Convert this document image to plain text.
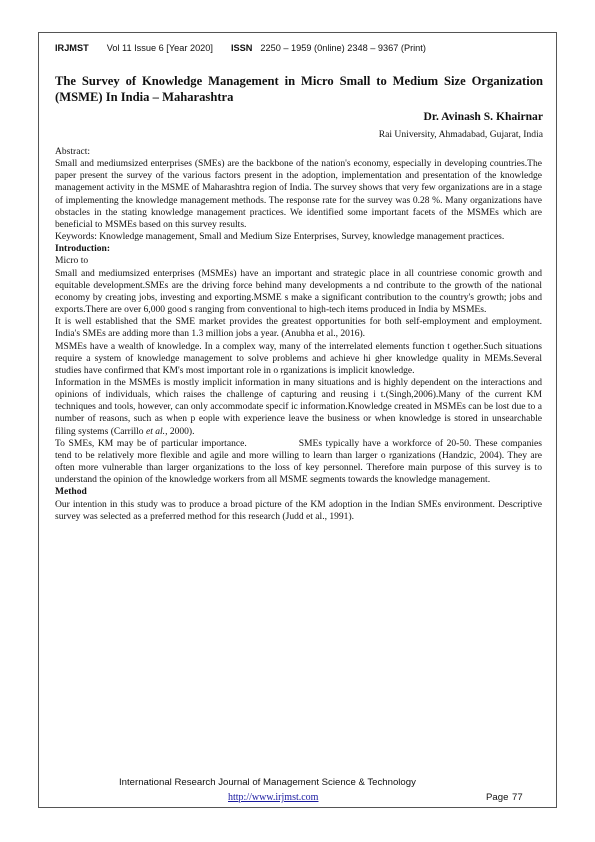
IRJMST Vol 11 Issue 6 [Year 2020] ISSN 2250 – 1959 (0nline) 2348 – 9367 (Print)
The Survey of Knowledge Management in Micro Small to Medium Size Organization (MSME) In India – Maharashtra
Dr. Avinash S. Khairnar
Rai University, Ahmadabad, Gujarat, India

Abstract:

Small and mediumsized enterprises (SMEs) are the backbone of the nation's economy, especially in developing countries.The paper present the survey of the various factors present in the adoption, implementation and presentation of the knowledge management activity in the MSME of Maharashtra region of India. The survey shows that very few organizations are in a stage of implementing the knowledge management methods. The response rate for the survey was 0.28 %. Many organizations have obstacles in the stating knowledge management practices. We identified some important facets of the MSMEs which are beneficial to MSMEs based on this survey results.

Keywords: Knowledge management, Small and Medium Size Enterprises, Survey, knowledge management practices.

Introduction:

Micro to

Small and mediumsized enterprises (MSMEs) have an important and strategic place in all countriese conomic growth and equitable development.SMEs are the driving force behind many developments a nd contribute to the growth of the national economy by creating jobs, investing and exporting.MSME s make a significant contribution to the country's growth; jobs and exports.There are over 6,000 good s ranging from conventional to high-tech items produced in India by MSMEs.

It is well established that the SME market provides the greatest opportunities for both self-employment and employment. India's SMEs are adding more than 1.3 million jobs a year. (Anubha et al., 2016).

MSMEs have a wealth of knowledge. In a complex way, many of the interrelated elements function t ogether.Such situations require a system of knowledge management to solve problems and achieve hi gher knowledge quality in MEMs.Several studies have confirmed that KM's most important role in o rganizations is implicit knowledge.

Information in the MSMEs is mostly implicit information in many situations and is highly dependent on the interactions and opinions of individuals, which raises the challenge of capturing and reusing i t.(Singh,2006).Many of the current KM techniques and tools, however, can only accommodate specif ic information.Knowledge created in MSMEs can be lost due to a number of reasons, such as when p eople with experience leave the business or when knowledge is stored in unsearchable filing systems (Carrillo et al., 2000).

To SMEs, KM may be of particular importance.	SMEs typically have a workforce of 20-50. These companies tend to be relatively more flexible and agile and more willing to learn than larger o rganizations (Handzic, 2004). They are often more vulnerable than larger organizations to the loss of key personnel. Therefore main purpose of this survey is to understand the opinion of the knowledge workers from all MSME segments towards the knowledge management.

Method

Our intention in this study was to produce a broad picture of the KM adoption in the Indian SMEs environment. Descriptive survey was selected as a preferred method for this research (Judd et al., 1991).

International Research Journal of Management Science & Technology
http://www.irjmst.com	Page 77
